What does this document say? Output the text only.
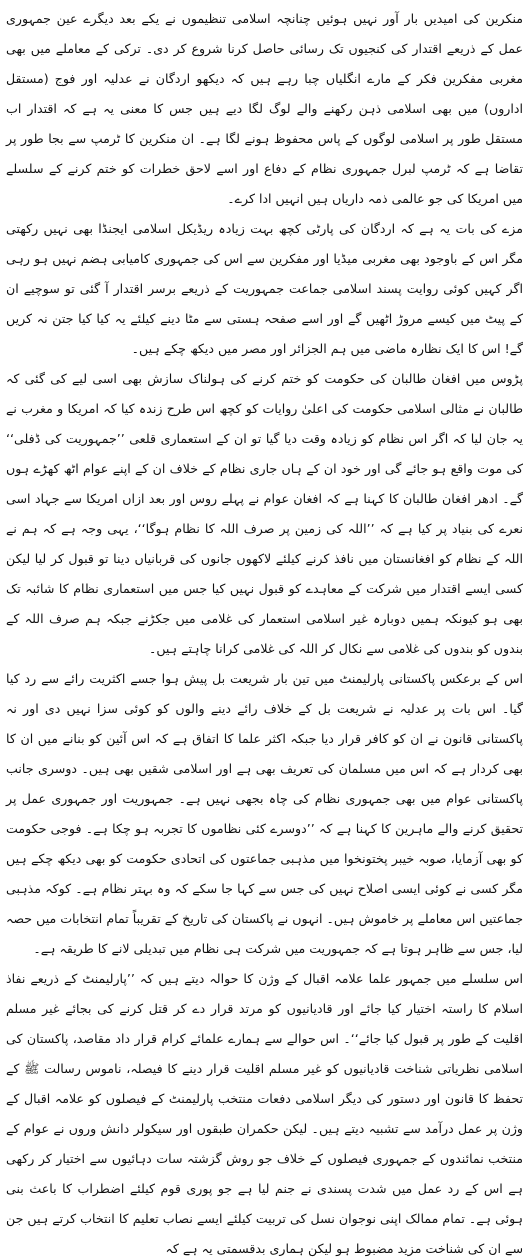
منکرین کی امیدیں بار آور نہیں ہوئیں چنانچہ اسلامی تنظیموں نے یکے بعد دیگرے عین جمہوری عمل کے ذریعے اقتدار کی کنجیوں تک رسائی حاصل کرنا شروع کر دی۔ ترکی کے معاملے میں بھی مغربی مفکرین فکر کے مارے انگلیاں چبا رہے ہیں کہ دیکھو اردگان نے عدلیہ اور فوج (مستقل اداروں) میں بھی اسلامی ذہن رکھنے والے لوگ لگا دیے ہیں جس کا معنی یہ ہے کہ اقتدار اب مستقل طور پر اسلامی لوگوں کے پاس محفوظ ہونے لگا ہے۔ ان منکرین کا ٹرمپ سے بجا طور پر تقاضا ہے کہ ٹرمپ لبرل جمہوری نظام کے دفاع اور اسے لاحق خطرات کو ختم کرنے کے سلسلے میں امریکا کی جو عالمی ذمہ داریاں ہیں انہیں ادا کرے۔

مزے کی بات یہ ہے کہ اردگان کی پارٹی کچھ بہت زیادہ ریڈیکل اسلامی ایجنڈا بھی نہیں رکھتی مگر اس کے باوجود بھی مغربی میڈیا اور مفکرین سے اس کی جمہوری کامیابی ہضم نہیں ہو رہی اگر کہیں کوئی روایت پسند اسلامی جماعت جمہوریت کے ذریعے برسر اقتدار آ گئی تو سوچیے ان کے پیٹ میں کیسے مروڑ اٹھیں گے اور اسے صفحہ ہستی سے مٹا دینے کیلئے یہ کیا کیا جتن نہ کریں گے! اس کا ایک نظارہ ماضی میں ہم الجزائر اور مصر میں دیکھ چکے ہیں۔

پڑوس میں افغان طالبان کی حکومت کو ختم کرنے کی ہولناک سازش بھی اسی لیے کی گئی کہ طالبان نے مثالی اسلامی حکومت کی اعلیٰ روایات کو کچھ اس طرح زندہ کیا کہ امریکا و مغرب نے یہ جان لیا کہ اگر اس نظام کو زیادہ وقت دیا گیا تو ان کے استعماری قلعی ’’جمہوریت کی ڈفلی‘‘ کی موت واقع ہو جائے گی اور خود ان کے ہاں جاری نظام کے خلاف ان کے اپنے عوام اٹھ کھڑے ہوں گے۔ ادھر افغان طالبان کا کہنا ہے کہ افغان عوام نے پہلے روس اور بعد ازاں امریکا سے جہاد اسی نعرے کی بنیاد پر کیا ہے کہ ’’اللہ کی زمین پر صرف اللہ کا نظام ہوگا‘‘، یہی وجہ ہے کہ ہم نے اللہ کے نظام کو افغانستان میں نافذ کرنے کیلئے لاکھوں جانوں کی قربانیاں دینا تو قبول کر لیا لیکن کسی ایسے اقتدار میں شرکت کے معاہدے کو قبول نہیں کیا جس میں استعماری نظام کا شائبہ تک بھی ہو کیونکہ ہمیں دوبارہ غیر اسلامی استعمار کی غلامی میں جکڑنے جبکہ ہم صرف اللہ کے بندوں کو بندوں کی غلامی سے نکال کر اللہ کی غلامی کرانا چاہتے ہیں۔

اس کے برعکس پاکستانی پارلیمنٹ میں تین بار شریعت بل پیش ہوا جسے اکثریت رائے سے رد کیا گیا۔ اس بات پر عدلیہ نے شریعت بل کے خلاف رائے دینے والوں کو کوئی سزا نہیں دی اور نہ پاکستانی قانون نے ان کو کافر قرار دیا جبکہ اکثر علما کا اتفاق ہے کہ اس آئین کو بنانے میں ان کا بھی کردار ہے کہ اس میں مسلمان کی تعریف بھی ہے اور اسلامی شقیں بھی ہیں۔ دوسری جانب پاکستانی عوام میں بھی جمہوری نظام کی چاہ بجھی نہیں ہے۔ جمہوریت اور جمہوری عمل پر تحقیق کرنے والے ماہرین کا کہنا ہے کہ ’’دوسرے کئی نظاموں کا تجربہ ہو چکا ہے۔ فوجی حکومت کو بھی آزمایا، صوبہ خیبر پختونخوا میں مذہبی جماعتوں کی اتحادی حکومت کو بھی دیکھ چکے ہیں مگر کسی نے کوئی ایسی اصلاح نہیں کی جس سے کہا جا سکے کہ وہ بہتر نظام ہے۔ کوکہ مذہبی جماعتیں اس معاملے پر خاموش ہیں۔ انہوں نے پاکستان کی تاریخ کے تقریباً تمام انتخابات میں حصہ لیا، جس سے ظاہر ہوتا ہے کہ جمہوریت میں شرکت ہی نظام میں تبدیلی لانے کا طریقہ ہے۔

اس سلسلے میں جمہور علما علامہ اقبال کے وژن کا حوالہ دیتے ہیں کہ ’’پارلیمنٹ کے ذریعے نفاذ اسلام کا راستہ اختیار کیا جائے اور قادیانیوں کو مرتد قرار دے کر قتل کرنے کی بجائے غیر مسلم اقلیت کے طور پر قبول کیا جائے‘‘۔ اس حوالے سے ہمارے علمائے کرام قرار داد مقاصد، پاکستان کی اسلامی نظریاتی شناخت قادیانیوں کو غیر مسلم اقلیت قرار دینے کا فیصلہ، ناموس رسالت ﷺ کے تحفظ کا قانون اور دستور کی دیگر اسلامی دفعات منتخب پارلیمنٹ کے فیصلوں کو علامہ اقبال کے وژن پر عمل درآمد سے تشبیہ دیتے ہیں۔ لیکن حکمران طبقوں اور سیکولر دانش وروں نے عوام کے منتخب نمائندوں کے جمہوری فیصلوں کے خلاف جو روش گزشتہ سات دہائیوں سے اختیار کر رکھی ہے اس کے رد عمل میں شدت پسندی نے جنم لیا ہے جو پوری قوم کیلئے اضطراب کا باعث بنی ہوئی ہے۔ تمام ممالک اپنی نوجوان نسل کی تربیت کیلئے ایسے نصاب تعلیم کا انتخاب کرتے ہیں جن سے ان کی شناخت مزید مضبوط ہو لیکن ہماری بدقسمتی یہ ہے کہ
